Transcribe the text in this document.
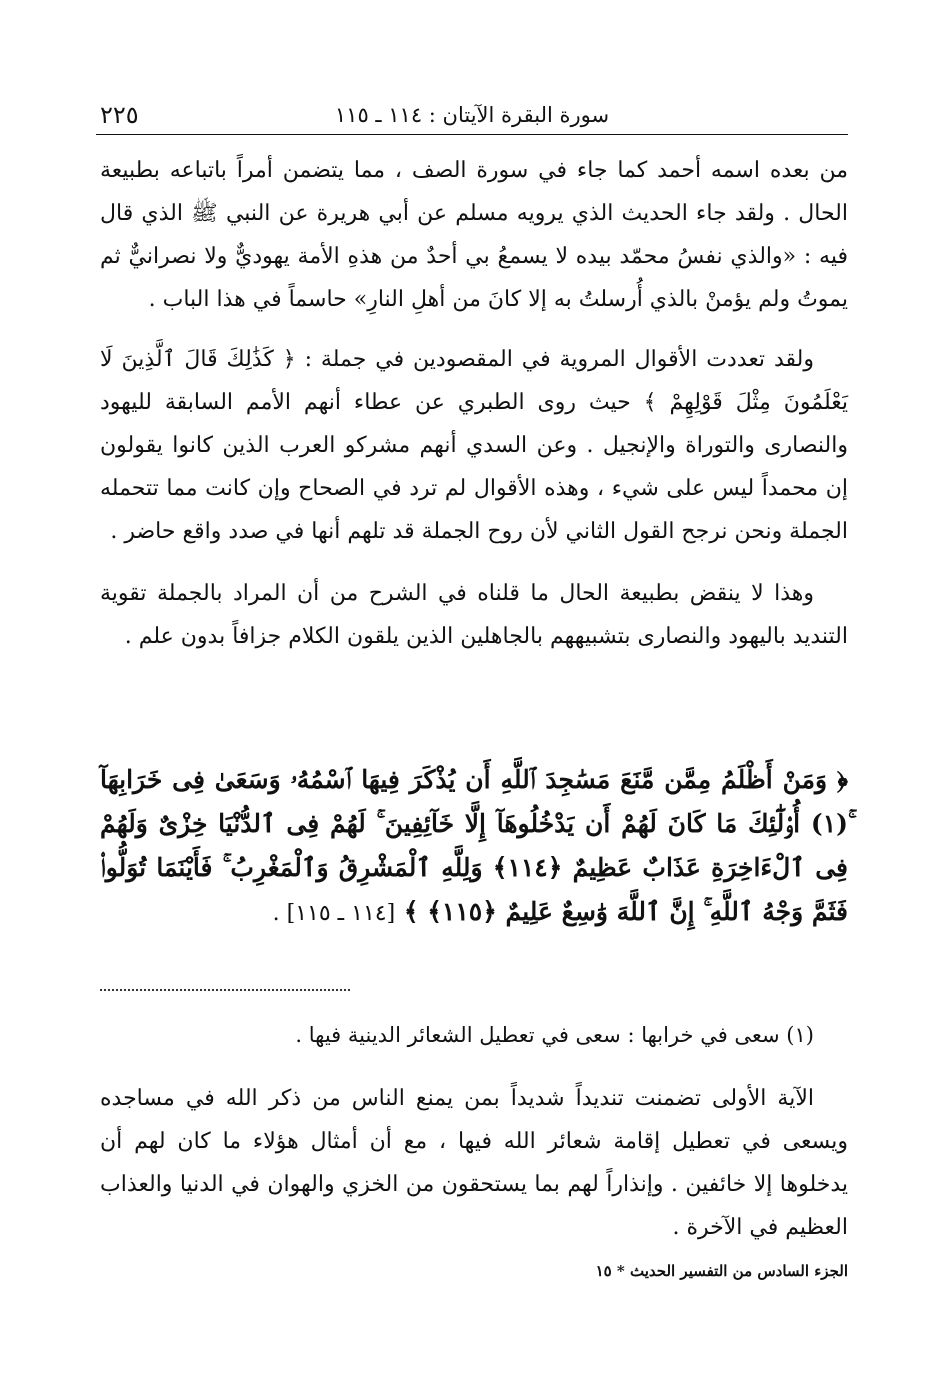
٢٢٥	سورة البقرة الآيتان : ١١٤ ـ ١١٥

من بعده اسمه أحمد كما جاء في سورة الصف ، مما يتضمن أمراً باتباعه بطبيعة الحال . ولقد جاء الحديث الذي يرويه مسلم عن أبي هريرة عن النبي ﷺ الذي قال فيه : «والذي نفسُ محمّد بيده لا يسمعُ بي أحدٌ من هذهِ الأمة يهوديٌّ ولا نصرانيٌّ ثم يموتُ ولم يؤمنْ بالذي أُرسلتُ به إلا كانَ من أهلِ النارِ» حاسماً في هذا الباب .

ولقد تعددت الأقوال المروية في المقصودين في جملة : ﴿ كَذَٰلِكَ قَالَ ٱلَّذِينَ لَا يَعْلَمُونَ مِثْلَ قَوْلِهِمْ ﴾ حيث روى الطبري عن عطاء أنهم الأمم السابقة لليهود والنصارى والتوراة والإنجيل . وعن السدي أنهم مشركو العرب الذين كانوا يقولون إن محمداً ليس على شيء ، وهذه الأقوال لم ترد في الصحاح وإن كانت مما تتحمله الجملة ونحن نرجح القول الثاني لأن روح الجملة قد تلهم أنها في صدد واقع حاضر .

وهذا لا ينقض بطبيعة الحال ما قلناه في الشرح من أن المراد بالجملة تقوية التنديد باليهود والنصارى بتشبيههم بالجاهلين الذين يلقون الكلام جزافاً بدون علم .

﴿ وَمَنْ أَظْلَمُ مِمَّن مَّنَعَ مَسَٰجِدَ ٱللَّهِ أَن يُذْكَرَ فِيهَا ٱسْمُهُۥ وَسَعَىٰ فِى خَرَابِهَآ ۚ(١) أُو۟لَٰٓئِكَ مَا كَانَ لَهُمْ أَن يَدْخُلُوهَآ إِلَّا خَآئِفِينَ ۚ لَهُمْ فِى ٱلدُّنْيَا خِزْىٌ وَلَهُمْ فِى ٱلْءَاخِرَةِ عَذَابٌ عَظِيمٌ ﴿١١٤﴾ وَلِلَّهِ ٱلْمَشْرِقُ وَٱلْمَغْرِبُ ۚ فَأَيْنَمَا تُوَلُّوا۟ فَثَمَّ وَجْهُ ٱللَّهِ ۚ إِنَّ ٱللَّهَ وَٰسِعٌ عَلِيمٌ ﴿١١٥﴾ ﴾ [١١٤ ـ ١١٥] .

(١) سعى في خرابها : سعى في تعطيل الشعائر الدينية فيها .

الآية الأولى تضمنت تنديداً شديداً بمن يمنع الناس من ذكر الله في مساجده ويسعى في تعطيل إقامة شعائر الله فيها ، مع أن أمثال هؤلاء ما كان لهم أن يدخلوها إلا خائفين . وإنذاراً لهم بما يستحقون من الخزي والهوان في الدنيا والعذاب العظيم في الآخرة .

الجزء السادس من التفسير الحديث * ١٥
